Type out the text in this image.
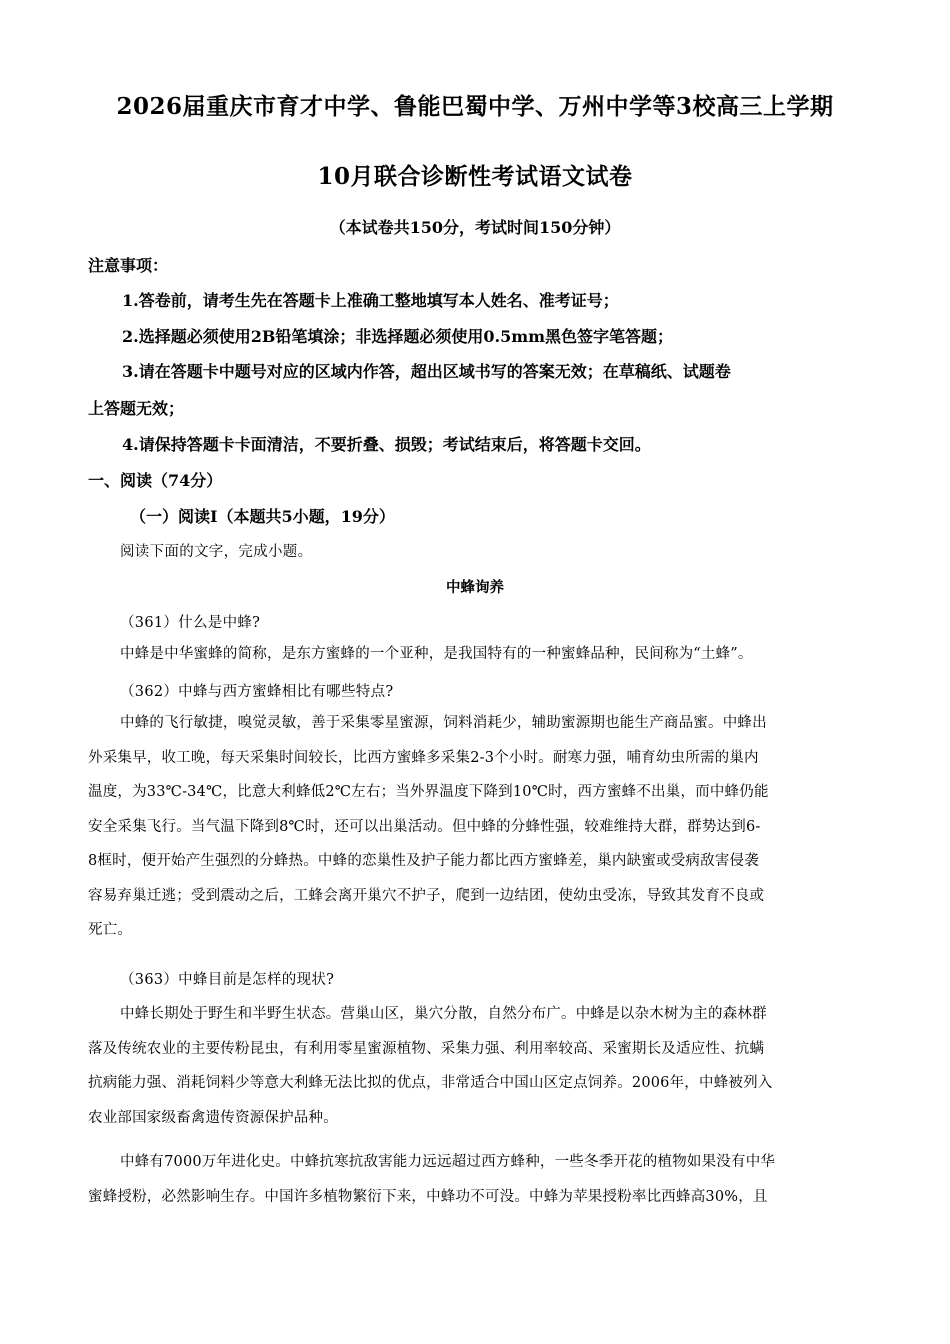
2026届重庆市育才中学、鲁能巴蜀中学、万州中学等3校高三上学期
10月联合诊断性考试语文试卷
（本试卷共150分，考试时间150分钟）
注意事项：
1.答卷前，请考生先在答题卡上准确工整地填写本人姓名、准考证号；
2.选择题必须使用2B铅笔填涂；非选择题必须使用0.5mm黑色签字笔答题；
3.请在答题卡中题号对应的区域内作答，超出区域书写的答案无效；在草稿纸、试题卷
上答题无效；
4.请保持答题卡卡面清洁，不要折叠、损毁；考试结束后，将答题卡交回。
一、阅读（74分）
（一）阅读Ⅰ（本题共5小题，19分）
阅读下面的文字，完成小题。
中蜂询养
（361）什么是中蜂?
中蜂是中华蜜蜂的简称，是东方蜜蜂的一个亚种，是我国特有的一种蜜蜂品种，民间称为“土蜂”。
（362）中蜂与西方蜜蜂相比有哪些特点?
中蜂的飞行敏捷，嗅觉灵敏，善于采集零星蜜源，饲料消耗少，辅助蜜源期也能生产商品蜜。中蜂出
外采集早，收工晚，每天采集时间较长，比西方蜜蜂多采集2-3个小时。耐寒力强，哺育幼虫所需的巢内
温度，为33℃-34℃，比意大利蜂低2℃左右；当外界温度下降到10℃时，西方蜜蜂不出巢，而中蜂仍能
安全采集飞行。当气温下降到8℃时，还可以出巢活动。但中蜂的分蜂性强，较难维持大群，群势达到6-
8框时，便开始产生强烈的分蜂热。中蜂的恋巢性及护子能力都比西方蜜蜂差，巢内缺蜜或受病敌害侵袭
容易弃巢迁逃；受到震动之后，工蜂会离开巢穴不护子，爬到一边结团，使幼虫受冻，导致其发育不良或
死亡。
（363）中蜂目前是怎样的现状?
中蜂长期处于野生和半野生状态。营巢山区，巢穴分散，自然分布广。中蜂是以杂木树为主的森林群
落及传统农业的主要传粉昆虫，有利用零星蜜源植物、采集力强、利用率较高、采蜜期长及适应性、抗螨
抗病能力强、消耗饲料少等意大利蜂无法比拟的优点，非常适合中国山区定点饲养。2006年，中蜂被列入
农业部国家级畜禽遗传资源保护品种。
中蜂有7000万年进化史。中蜂抗寒抗敌害能力远远超过西方蜂种，一些冬季开花的植物如果没有中华
蜜蜂授粉，必然影响生存。中国许多植物繁衍下来，中蜂功不可没。中蜂为苹果授粉率比西蜂高30%，且
